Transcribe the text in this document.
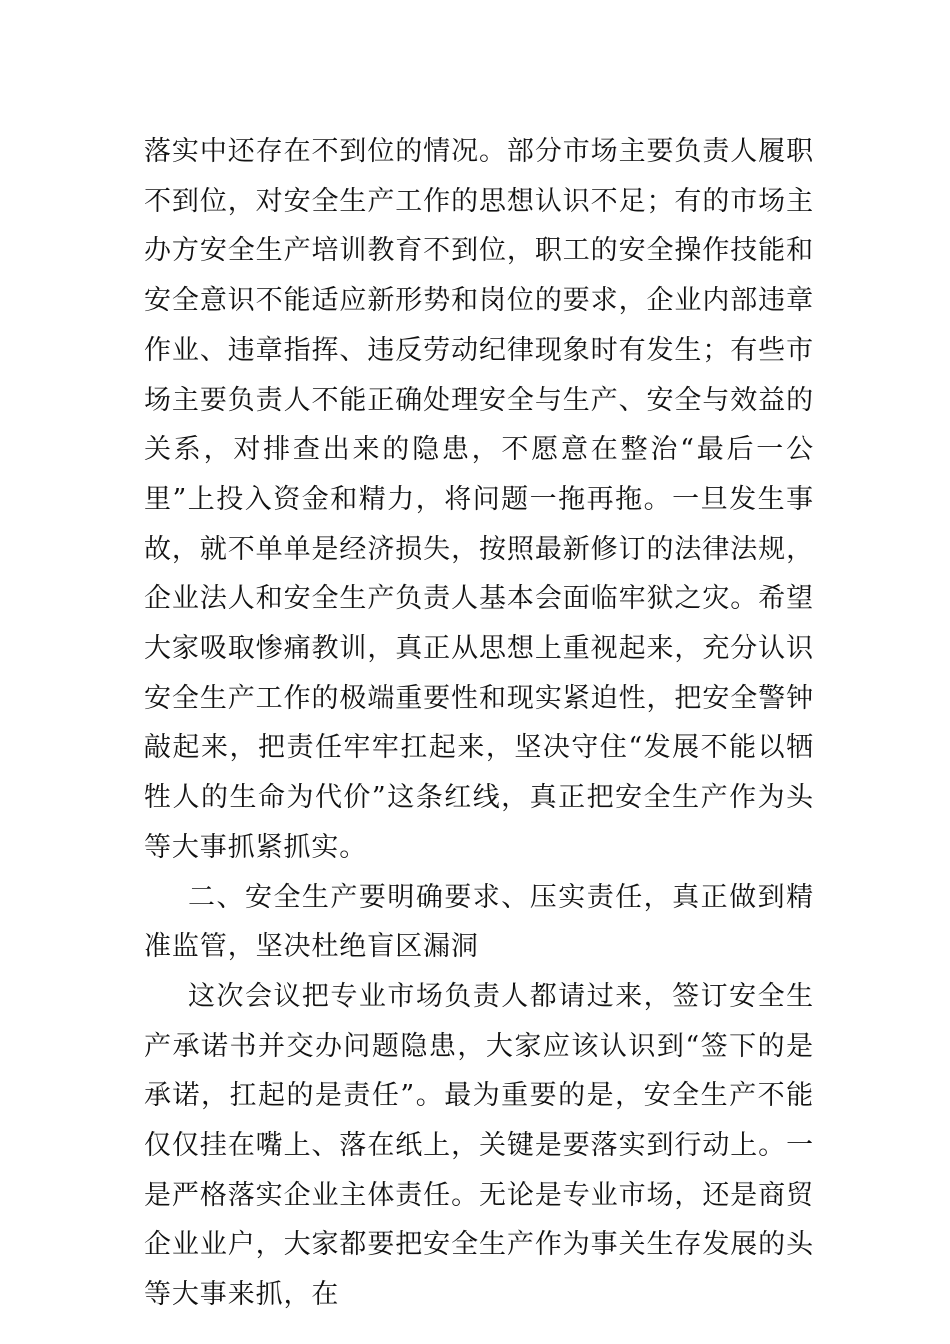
落实中还存在不到位的情况。部分市场主要负责人履职不到位，对安全生产工作的思想认识不足；有的市场主办方安全生产培训教育不到位，职工的安全操作技能和安全意识不能适应新形势和岗位的要求，企业内部违章作业、违章指挥、违反劳动纪律现象时有发生；有些市场主要负责人不能正确处理安全与生产、安全与效益的关系，对排查出来的隐患，不愿意在整治“最后一公里”上投入资金和精力，将问题一拖再拖。一旦发生事故，就不单单是经济损失，按照最新修订的法律法规，企业法人和安全生产负责人基本会面临牢狱之灾。希望大家吸取惨痛教训，真正从思想上重视起来，充分认识安全生产工作的极端重要性和现实紧迫性，把安全警钟敲起来，把责任牢牢扛起来，坚决守住“发展不能以牺牲人的生命为代价”这条红线，真正把安全生产作为头等大事抓紧抓实。

二、安全生产要明确要求、压实责任，真正做到精准监管，坚决杜绝盲区漏洞

这次会议把专业市场负责人都请过来，签订安全生产承诺书并交办问题隐患，大家应该认识到“签下的是承诺，扛起的是责任”。最为重要的是，安全生产不能仅仅挂在嘴上、落在纸上，关键是要落实到行动上。一是严格落实企业主体责任。无论是专业市场，还是商贸企业业户，大家都要把安全生产作为事关生存发展的头等大事来抓，在
